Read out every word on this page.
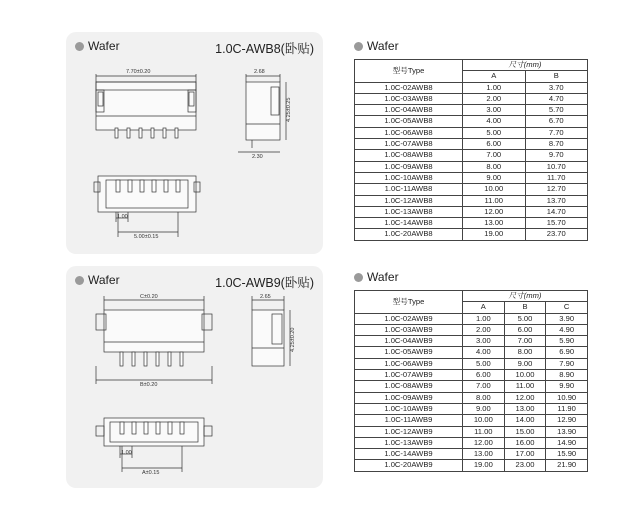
Wafer	1.0C-AWB8(卧贴)
7.70±0.20	2.68
4.25±0.25
2.30
1.00
5.00±0.15
Wafer	1.0C-AWB9(卧贴)
C±0.20	2.65
4.25±0.20
B±0.20
1.00
A±0.15
Wafer
型号Type	尺寸(mm)	
	A	B
1.0C-02AWB8	1.00	3.70
1.0C-03AWB8	2.00	4.70
1.0C-04AWB8	3.00	5.70
1.0C-05AWB8	4.00	6.70
1.0C-06AWB8	5.00	7.70
1.0C-07AWB8	6.00	8.70
1.0C-08AWB8	7.00	9.70
1.0C-09AWB8	8.00	10.70
1.0C-10AWB8	9.00	11.70
1.0C-11AWB8	10.00	12.70
1.0C-12AWB8	11.00	13.70
1.0C-13AWB8	12.00	14.70
1.0C-14AWB8	13.00	15.70
1.0C-20AWB8	19.00	23.70
Wafer
型号Type	尺寸(mm)		
	A	B	C
1.0C-02AWB9	1.00	5.00	3.90
1.0C-03AWB9	2.00	6.00	4.90
1.0C-04AWB9	3.00	7.00	5.90
1.0C-05AWB9	4.00	8.00	6.90
1.0C-06AWB9	5.00	9.00	7.90
1.0C-07AWB9	6.00	10.00	8.90
1.0C-08AWB9	7.00	11.00	9.90
1.0C-09AWB9	8.00	12.00	10.90
1.0C-10AWB9	9.00	13.00	11.90
1.0C-11AWB9	10.00	14.00	12.90
1.0C-12AWB9	11.00	15.00	13.90
1.0C-13AWB9	12.00	16.00	14.90
1.0C-14AWB9	13.00	17.00	15.90
1.0C-20AWB9	19.00	23.00	21.90
